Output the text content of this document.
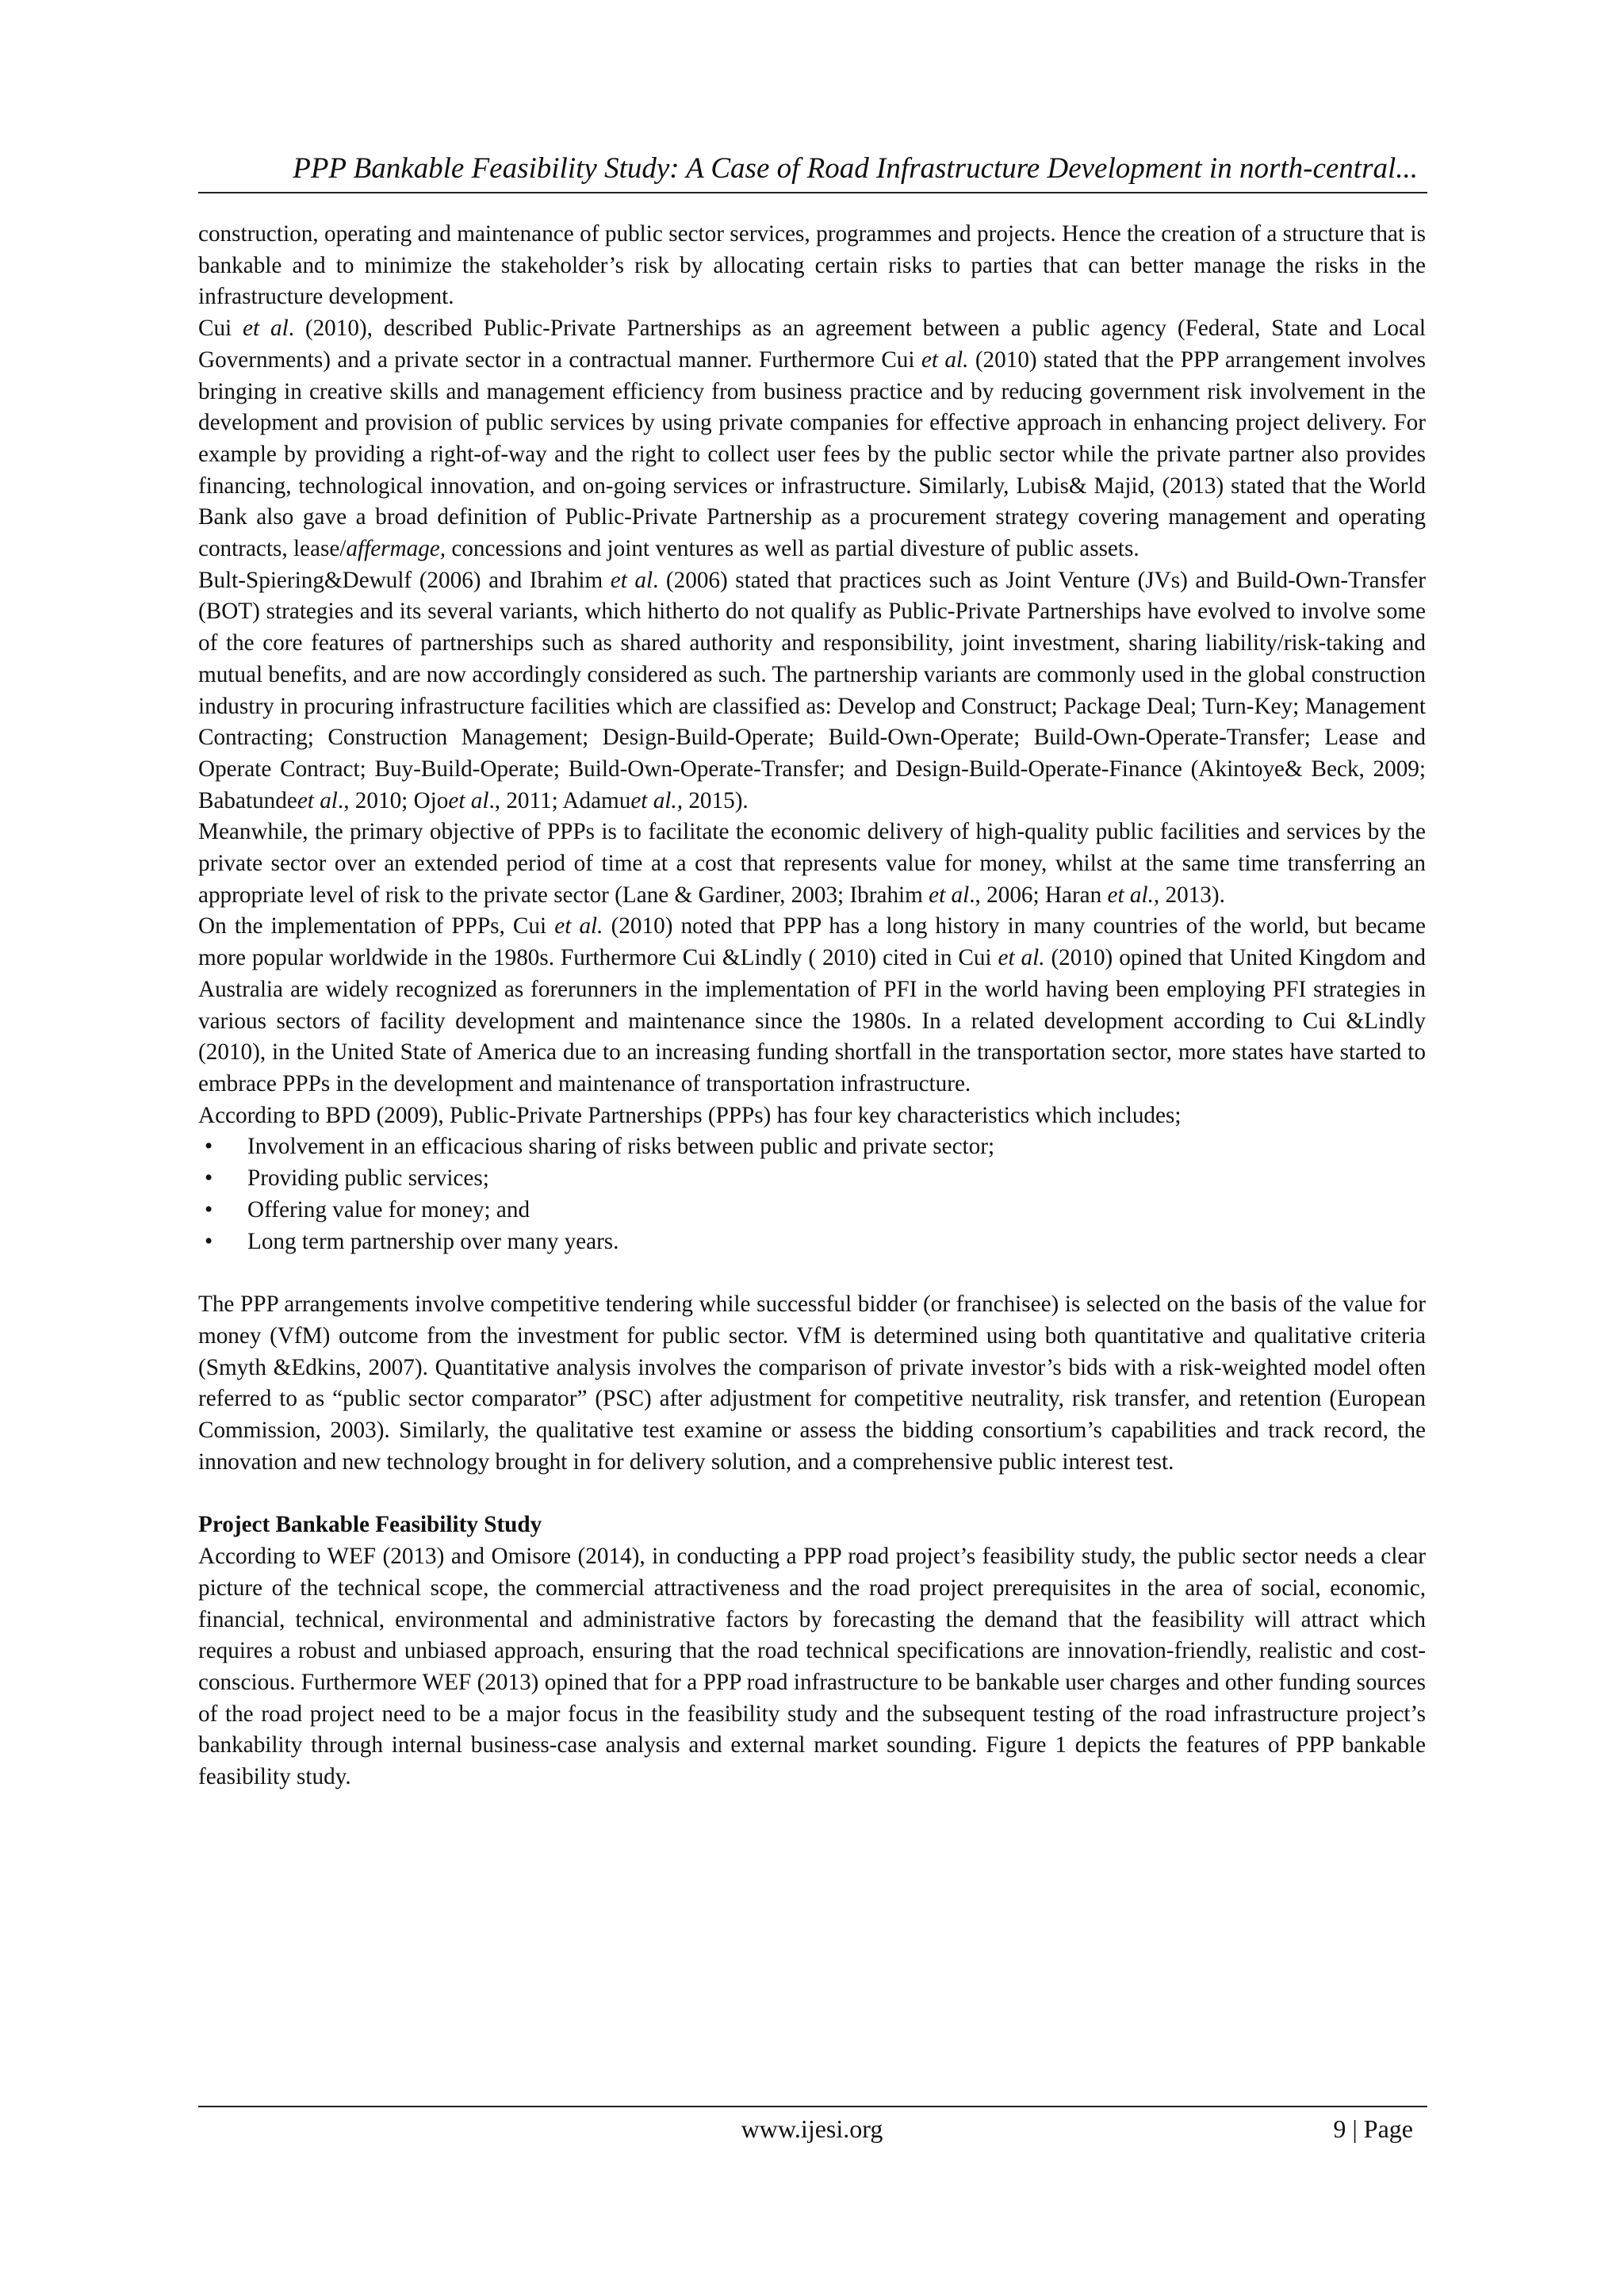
PPP Bankable Feasibility Study: A Case of Road Infrastructure Development in north-central...

construction, operating and maintenance of public sector services, programmes and projects. Hence the creation of a structure that is bankable and to minimize the stakeholder’s risk by allocating certain risks to parties that can better manage the risks in the infrastructure development.

Cui et al. (2010), described Public-Private Partnerships as an agreement between a public agency (Federal, State and Local Governments) and a private sector in a contractual manner. Furthermore Cui et al. (2010) stated that the PPP arrangement involves bringing in creative skills and management efficiency from business practice and by reducing government risk involvement in the development and provision of public services by using private companies for effective approach in enhancing project delivery. For example by providing a right-of-way and the right to collect user fees by the public sector while the private partner also provides financing, technological innovation, and on-going services or infrastructure. Similarly, Lubis& Majid, (2013) stated that the World Bank also gave a broad definition of Public-Private Partnership as a procurement strategy covering management and operating contracts, lease/affermage, concessions and joint ventures as well as partial divesture of public assets.

Bult-Spiering&Dewulf (2006) and Ibrahim et al. (2006) stated that practices such as Joint Venture (JVs) and Build-Own-Transfer (BOT) strategies and its several variants, which hitherto do not qualify as Public-Private Partnerships have evolved to involve some of the core features of partnerships such as shared authority and responsibility, joint investment, sharing liability/risk-taking and mutual benefits, and are now accordingly considered as such. The partnership variants are commonly used in the global construction industry in procuring infrastructure facilities which are classified as: Develop and Construct; Package Deal; Turn-Key; Management Contracting; Construction Management; Design-Build-Operate; Build-Own-Operate; Build-Own-Operate-Transfer; Lease and Operate Contract; Buy-Build-Operate; Build-Own-Operate-Transfer; and Design-Build-Operate-Finance (Akintoye& Beck, 2009; Babatundeet al., 2010; Ojoet al., 2011; Adamuet al., 2015).

Meanwhile, the primary objective of PPPs is to facilitate the economic delivery of high-quality public facilities and services by the private sector over an extended period of time at a cost that represents value for money, whilst at the same time transferring an appropriate level of risk to the private sector (Lane & Gardiner, 2003; Ibrahim et al., 2006; Haran et al., 2013).

On the implementation of PPPs, Cui et al. (2010) noted that PPP has a long history in many countries of the world, but became more popular worldwide in the 1980s. Furthermore Cui &Lindly ( 2010) cited in Cui et al. (2010) opined that United Kingdom and Australia are widely recognized as forerunners in the implementation of PFI in the world having been employing PFI strategies in various sectors of facility development and maintenance since the 1980s. In a related development according to Cui &Lindly (2010), in the United State of America due to an increasing funding shortfall in the transportation sector, more states have started to embrace PPPs in the development and maintenance of transportation infrastructure.

According to BPD (2009), Public-Private Partnerships (PPPs) has four key characteristics which includes;

• Involvement in an efficacious sharing of risks between public and private sector;
• Providing public services;
• Offering value for money; and
• Long term partnership over many years.

The PPP arrangements involve competitive tendering while successful bidder (or franchisee) is selected on the basis of the value for money (VfM) outcome from the investment for public sector. VfM is determined using both quantitative and qualitative criteria (Smyth &Edkins, 2007). Quantitative analysis involves the comparison of private investor’s bids with a risk-weighted model often referred to as “public sector comparator” (PSC) after adjustment for competitive neutrality, risk transfer, and retention (European Commission, 2003). Similarly, the qualitative test examine or assess the bidding consortium’s capabilities and track record, the innovation and new technology brought in for delivery solution, and a comprehensive public interest test.

Project Bankable Feasibility Study

According to WEF (2013) and Omisore (2014), in conducting a PPP road project’s feasibility study, the public sector needs a clear picture of the technical scope, the commercial attractiveness and the road project prerequisites in the area of social, economic, financial, technical, environmental and administrative factors by forecasting the demand that the feasibility will attract which requires a robust and unbiased approach, ensuring that the road technical specifications are innovation-friendly, realistic and cost-conscious. Furthermore WEF (2013) opined that for a PPP road infrastructure to be bankable user charges and other funding sources of the road project need to be a major focus in the feasibility study and the subsequent testing of the road infrastructure project’s bankability through internal business-case analysis and external market sounding. Figure 1 depicts the features of PPP bankable feasibility study.

www.ijesi.org	9 | Page
